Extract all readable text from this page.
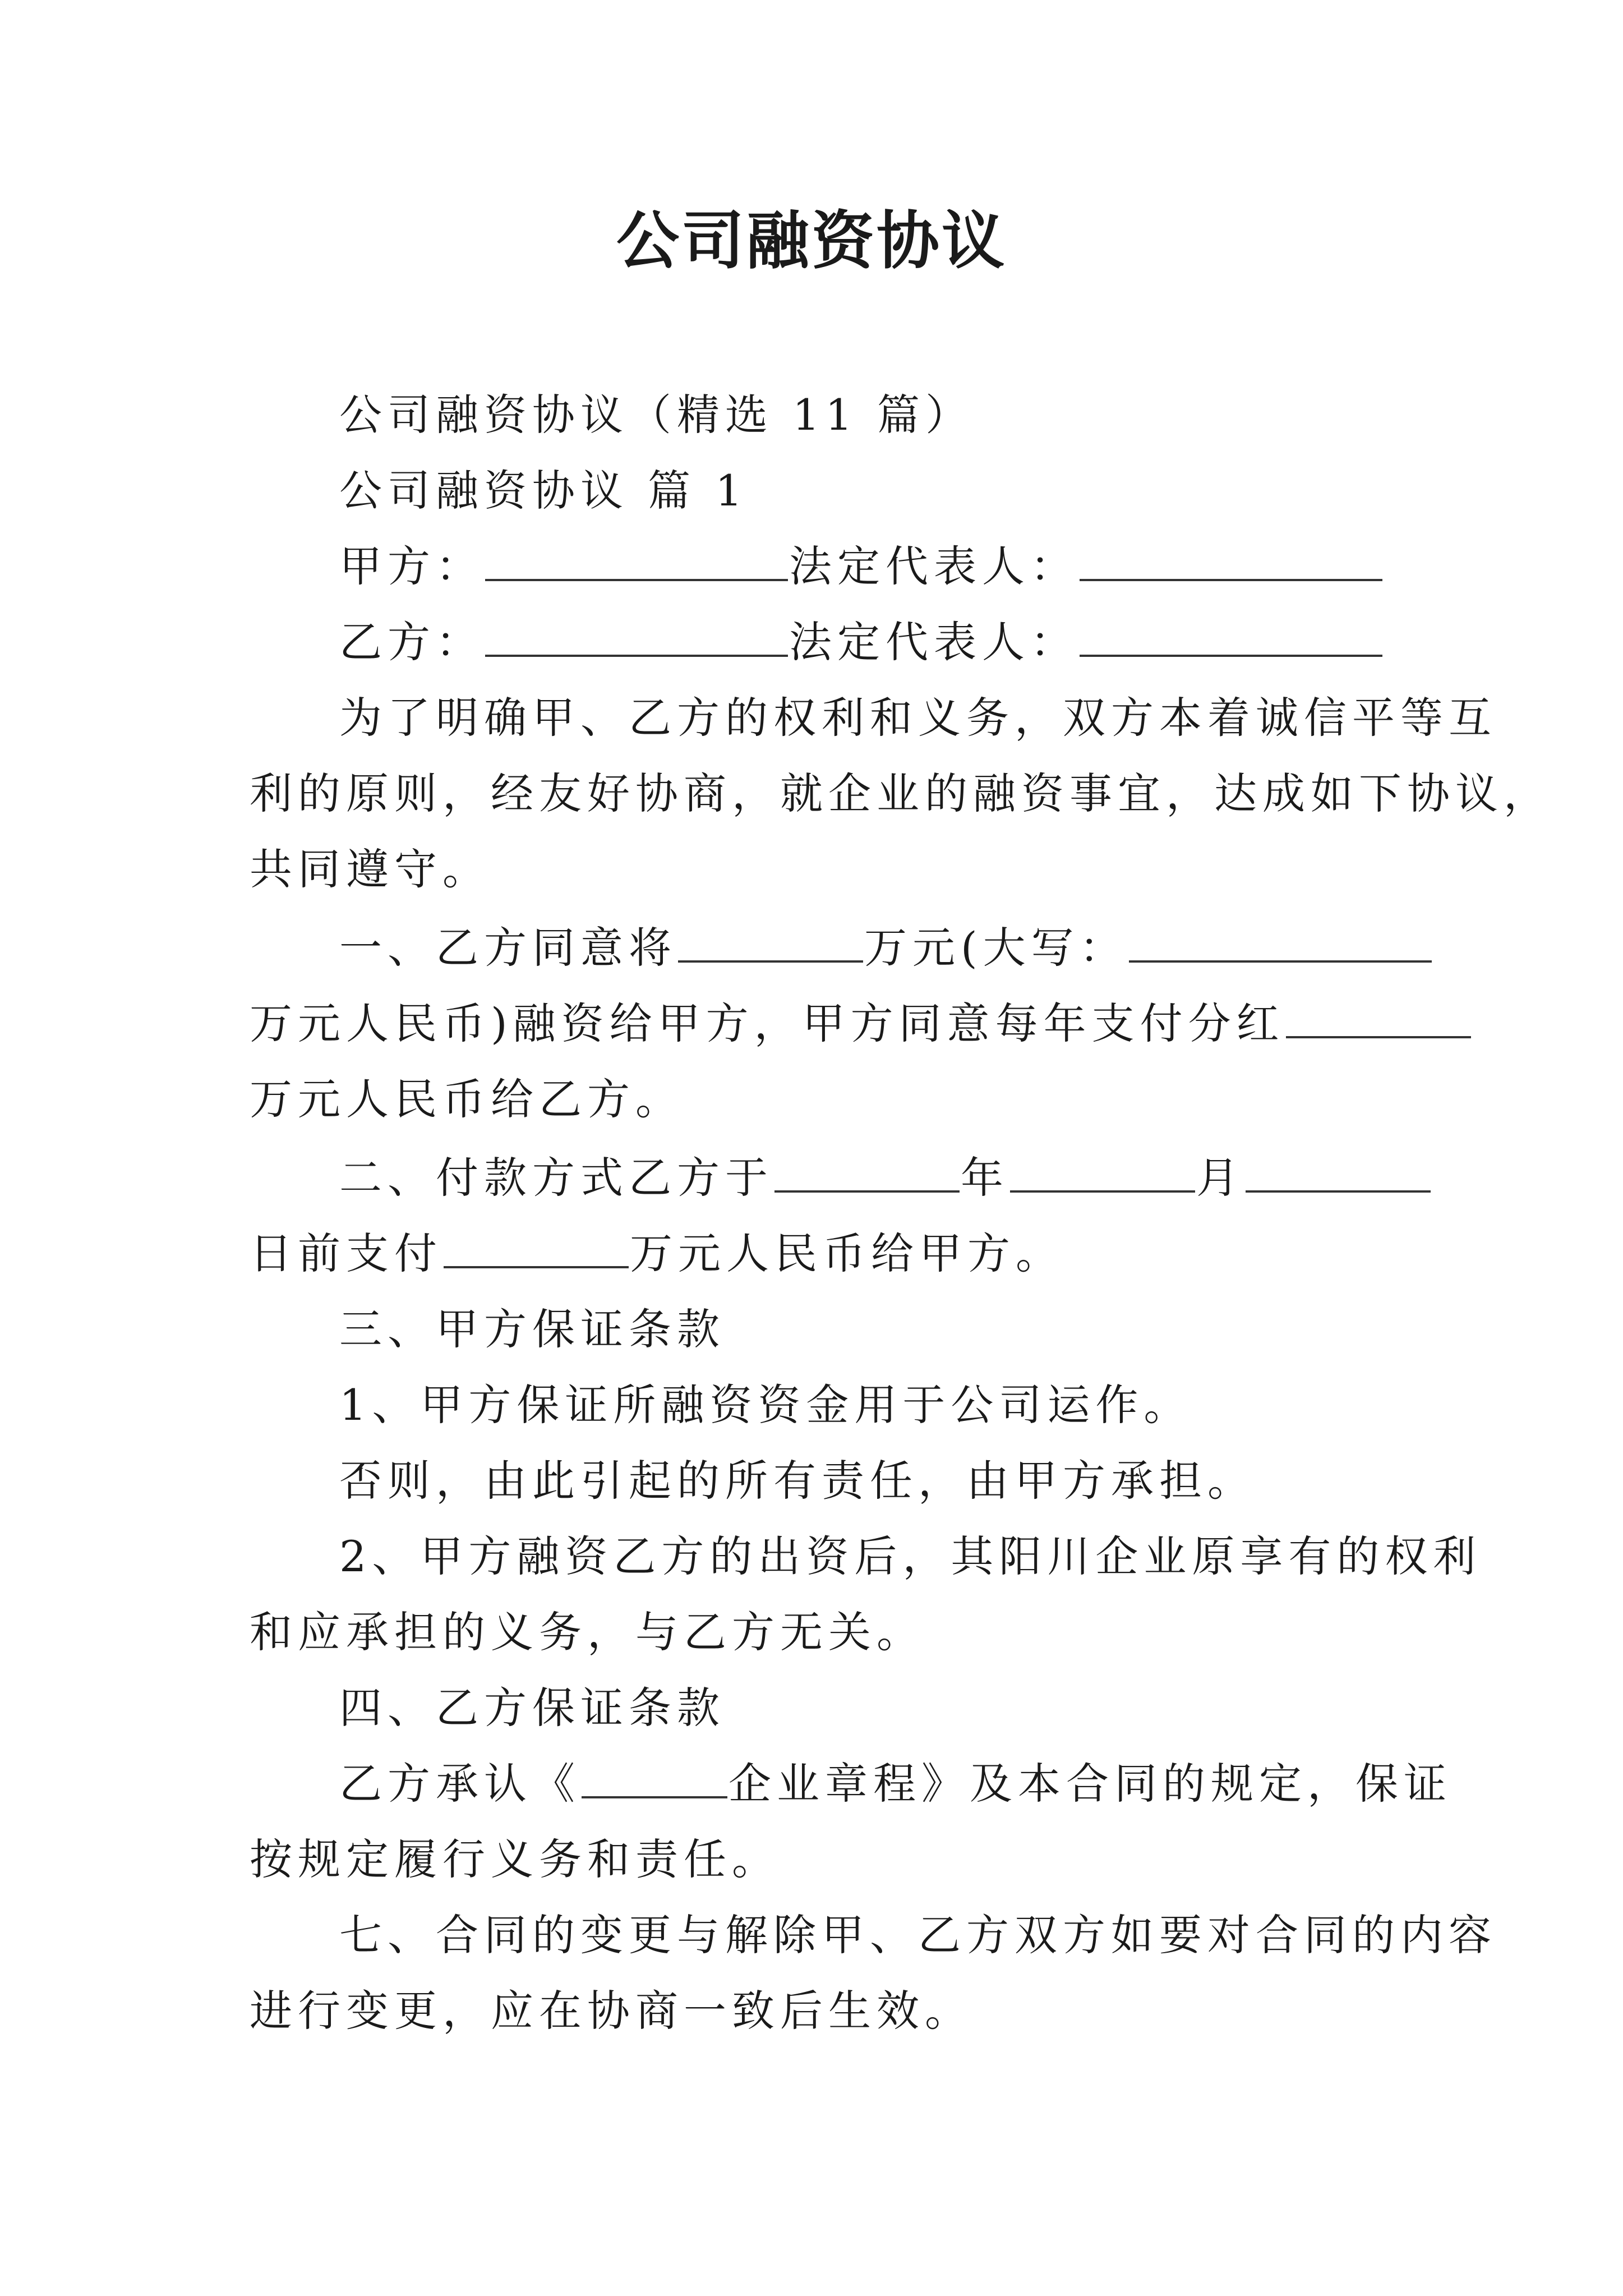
公司融资协议
公司融资协议（精选 11 篇）
公司融资协议 篇 1
甲方：	法定代表人：
乙方：	法定代表人：
为了明确甲、乙方的权利和义务，双方本着诚信平等互
利的原则，经友好协商，就企业的融资事宜，达成如下协议，
共同遵守。
一、乙方同意将	万元(大写：
万元人民币)融资给甲方，甲方同意每年支付分红
万元人民币给乙方。
二、付款方式乙方于	年	月
日前支付	万元人民币给甲方。
三、甲方保证条款
1、甲方保证所融资资金用于公司运作。
否则，由此引起的所有责任，由甲方承担。
2、甲方融资乙方的出资后，其阳川企业原享有的权利
和应承担的义务，与乙方无关。
四、乙方保证条款
乙方承认《	企业章程》及本合同的规定，保证
按规定履行义务和责任。
七、合同的变更与解除甲、乙方双方如要对合同的内容
进行变更，应在协商一致后生效。
